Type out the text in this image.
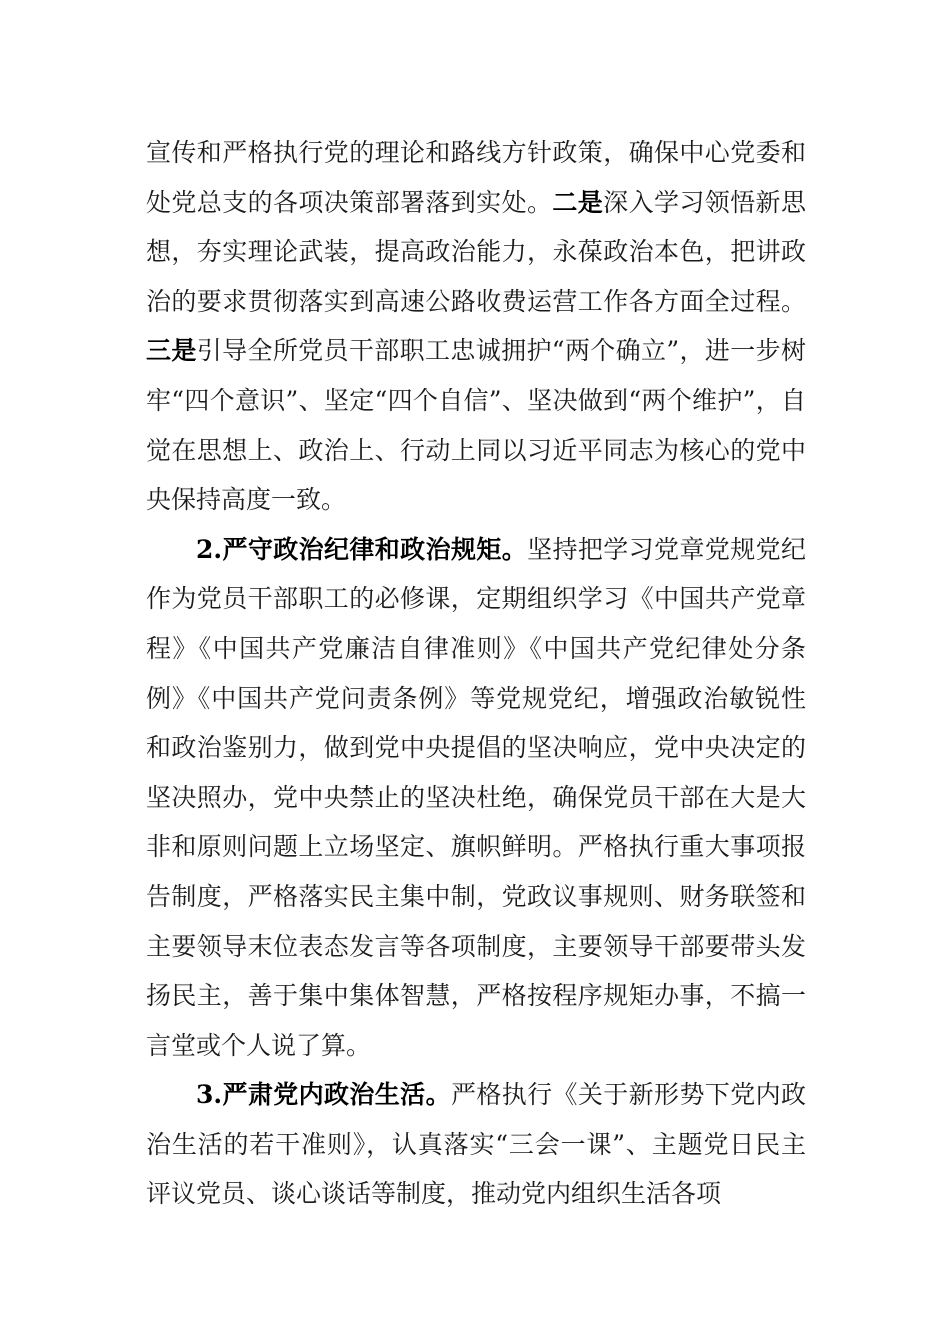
宣传和严格执行党的理论和路线方针政策，确保中心党委和处党总支的各项决策部署落到实处。二是深入学习领悟新思想，夯实理论武装，提高政治能力，永葆政治本色，把讲政治的要求贯彻落实到高速公路收费运营工作各方面全过程。三是引导全所党员干部职工忠诚拥护“两个确立”，进一步树牢“四个意识”、坚定“四个自信”、坚决做到“两个维护”，自觉在思想上、政治上、行动上同以习近平同志为核心的党中央保持高度一致。

2.严守政治纪律和政治规矩。坚持把学习党章党规党纪作为党员干部职工的必修课，定期组织学习《中国共产党章程》《中国共产党廉洁自律准则》《中国共产党纪律处分条例》《中国共产党问责条例》等党规党纪，增强政治敏锐性和政治鉴别力，做到党中央提倡的坚决响应，党中央决定的坚决照办，党中央禁止的坚决杜绝，确保党员干部在大是大非和原则问题上立场坚定、旗帜鲜明。严格执行重大事项报告制度，严格落实民主集中制，党政议事规则、财务联签和主要领导末位表态发言等各项制度，主要领导干部要带头发扬民主，善于集中集体智慧，严格按程序规矩办事，不搞一言堂或个人说了算。

3.严肃党内政治生活。严格执行《关于新形势下党内政治生活的若干准则》，认真落实“三会一课”、主题党日民主评议党员、谈心谈话等制度，推动党内组织生活各项
